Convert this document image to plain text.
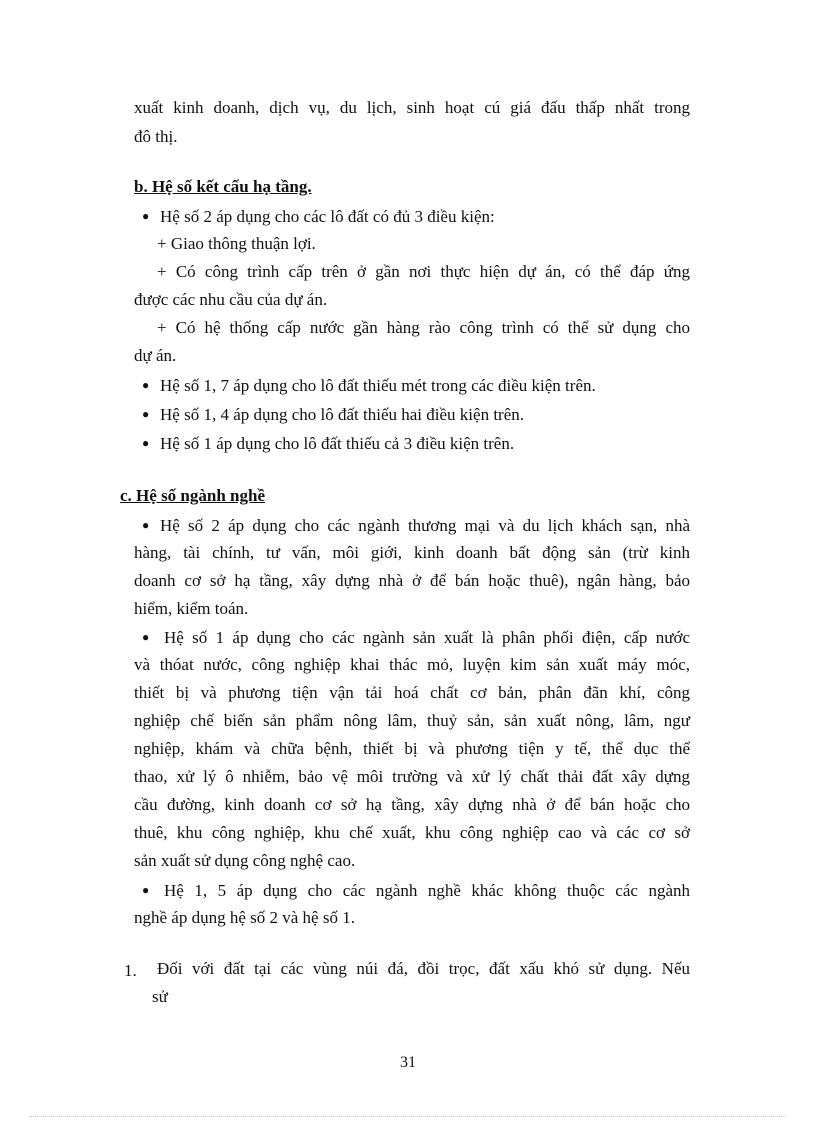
xuất kinh doanh, dịch vụ, du lịch, sinh hoạt cú giá đấu thấp nhất trong
đô thị.
b. Hệ số kết cấu hạ tầng.
● Hệ số 2 áp dụng cho các lô đất có đủ 3 điều kiện:
+ Giao thông thuận lợi.
+ Có công trình cấp trên ở gần nơi thực hiện dự án, có thể đáp ứng
được các nhu cầu của dự án.
+ Có hệ thống cấp nước gần hàng rào công trình có thể sử dụng cho
dự án.
● Hệ số 1, 7 áp dụng cho lô đất thiếu mét trong các điều kiện trên.
● Hệ số 1, 4 áp dụng cho lô đất thiếu hai điều kiện trên.
● Hệ số 1 áp dụng cho lô đất thiếu cả 3 điều kiện trên.
c. Hệ số ngành nghề
● Hệ số 2 áp dụng cho các ngành thương mại và du lịch khách sạn, nhà
hàng, tài chính, tư vấn, môi giới, kinh doanh bất động sản (trừ kinh
doanh cơ sở hạ tầng, xây dựng nhà ở để bán hoặc thuê), ngân hàng, bảo
hiểm, kiểm toán.
● Hệ số 1 áp dụng cho các ngành sản xuất là phân phối điện, cấp nước
và thóat nước, công nghiệp khai thác mỏ, luyện kim sản xuất máy móc,
thiết bị và phương tiện vận tải hoá chất cơ bản, phân đãn khí, công
nghiệp chế biến sản phẩm nông lâm, thuỷ sản, sản xuất nông, lâm, ngư
nghiệp, khám và chữa bệnh, thiết bị và phương tiện y tế, thể dục thể
thao, xử lý ô nhiễm, bảo vệ môi trường và xử lý chất thải đất xây dựng
cầu đường, kinh doanh cơ sở hạ tầng, xây dựng nhà ở để bán hoặc cho
thuê, khu công nghiệp, khu chế xuất, khu công nghiệp cao và các cơ sở
sản xuất sử dụng công nghệ cao.
● Hệ 1, 5 áp dụng cho các ngành nghề khác không thuộc các ngành
nghề áp dụng hệ số 2 và hệ số 1.
1. Đối với đất tại các vùng núi đá, đồi trọc, đất xấu khó sử dụng. Nếu
sử
31
